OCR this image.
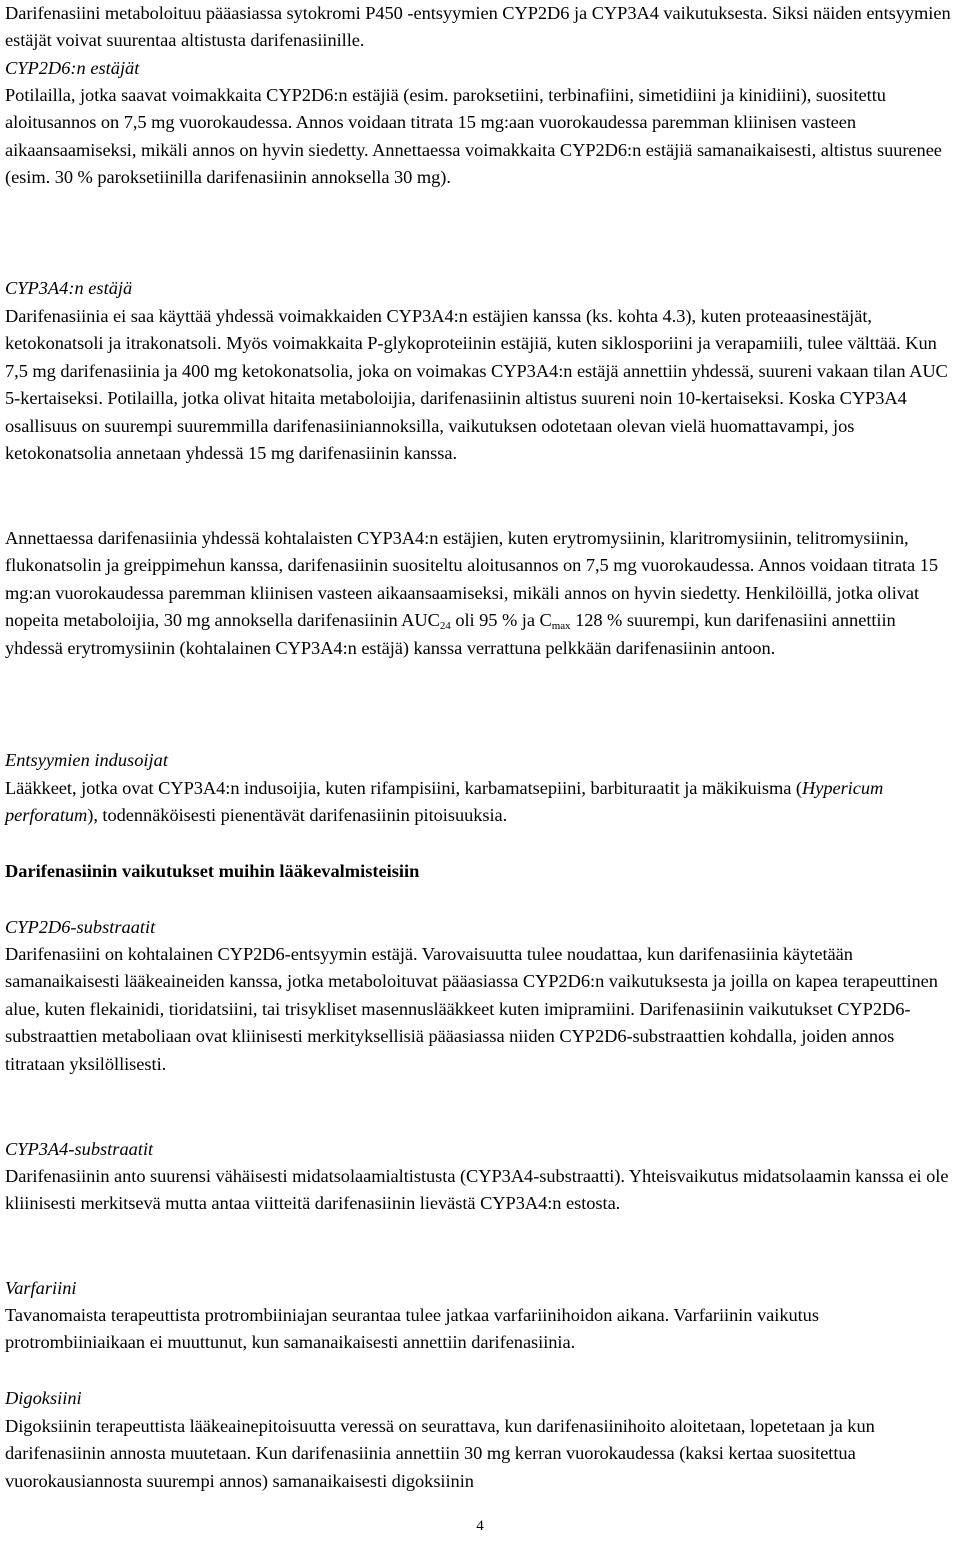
Darifenasiini metaboloituu pääasiassa sytokromi P450 -entsyymien CYP2D6 ja CYP3A4 vaikutuksesta. Siksi näiden entsyymien estäjät voivat suurentaa altistusta darifenasiinille.

CYP2D6:n estäjät

Potilailla, jotka saavat voimakkaita CYP2D6:n estäjiä (esim. paroksetiini, terbinafiini, simetidiini ja kinidiini), suositettu aloitusannos on 7,5 mg vuorokaudessa. Annos voidaan titrata 15 mg:aan vuorokaudessa paremman kliinisen vasteen aikaansaamiseksi, mikäli annos on hyvin siedetty. Annettaessa voimakkaita CYP2D6:n estäjiä samanaikaisesti, altistus suurenee (esim. 30 % paroksetiinilla darifenasiinin annoksella 30 mg).

CYP3A4:n estäjä

Darifenasiinia ei saa käyttää yhdessä voimakkaiden CYP3A4:n estäjien kanssa (ks. kohta 4.3), kuten proteaasinestäjät, ketokonatsoli ja itrakonatsoli. Myös voimakkaita P-glykoproteiinin estäjiä, kuten siklosporiini ja verapamiili, tulee välttää. Kun 7,5 mg darifenasiinia ja 400 mg ketokonatsolia, joka on voimakas CYP3A4:n estäjä annettiin yhdessä, suureni vakaan tilan AUC 5-kertaiseksi. Potilailla, jotka olivat hitaita metaboloijia, darifenasiinin altistus suureni noin 10-kertaiseksi. Koska CYP3A4 osallisuus on suurempi suuremmilla darifenasiiniannoksilla, vaikutuksen odotetaan olevan vielä huomattavampi, jos ketokonatsolia annetaan yhdessä 15 mg darifenasiinin kanssa.

Annettaessa darifenasiinia yhdessä kohtalaisten CYP3A4:n estäjien, kuten erytromysiinin, klaritromysiinin, telitromysiinin, flukonatsolin ja greippimehun kanssa, darifenasiinin suositeltu aloitusannos on 7,5 mg vuorokaudessa. Annos voidaan titrata 15 mg:an vuorokaudessa paremman kliinisen vasteen aikaansaamiseksi, mikäli annos on hyvin siedetty. Henkilöillä, jotka olivat nopeita metaboloijia, 30 mg annoksella darifenasiinin $AUC_{24}$ oli 95 % ja $C_{max}$ 128 % suurempi, kun darifenasiini annettiin yhdessä erytromysiinin (kohtalainen CYP3A4:n estäjä) kanssa verrattuna pelkkään darifenasiinin antoon.

Entsyymien indusoijat

Lääkkeet, jotka ovat CYP3A4:n indusoijia, kuten rifampisiini, karbamatsepiini, barbituraatit ja mäkikuisma (Hypericum perforatum), todennäköisesti pienentävät darifenasiinin pitoisuuksia.

Darifenasiinin vaikutukset muihin lääkevalmisteisiin

CYP2D6-substraatit

Darifenasiini on kohtalainen CYP2D6-entsyymin estäjä. Varovaisuutta tulee noudattaa, kun darifenasiinia käytetään samanaikaisesti lääkeaineiden kanssa, jotka metaboloituvat pääasiassa CYP2D6:n vaikutuksesta ja joilla on kapea terapeuttinen alue, kuten flekainidi, tioridatsiini, tai trisykliset masennuslääkkeet kuten imipramiini. Darifenasiinin vaikutukset CYP2D6-substraattien metaboliaan ovat kliinisesti merkityksellisiä pääasiassa niiden CYP2D6-substraattien kohdalla, joiden annos titrataan yksilöllisesti.

CYP3A4-substraatit

Darifenasiinin anto suurensi vähäisesti midatsolaamialtistusta (CYP3A4-substraatti). Yhteisvaikutus midatsolaamin kanssa ei ole kliinisesti merkitsevä mutta antaa viitteitä darifenasiinin lievästä CYP3A4:n estosta.

Varfariini

Tavanomaista terapeuttista protrombiiniajan seurantaa tulee jatkaa varfariinihoidon aikana. Varfariinin vaikutus protrombiiniaikaan ei muuttunut, kun samanaikaisesti annettiin darifenasiinia.

Digoksiini

Digoksiinin terapeuttista lääkeainepitoisuutta veressä on seurattava, kun darifenasiinihoito aloitetaan, lopetetaan ja kun darifenasiinin annosta muutetaan. Kun darifenasiinia annettiin 30 mg kerran vuorokaudessa (kaksi kertaa suositettua vuorokausiannosta suurempi annos) samanaikaisesti digoksiinin

4
